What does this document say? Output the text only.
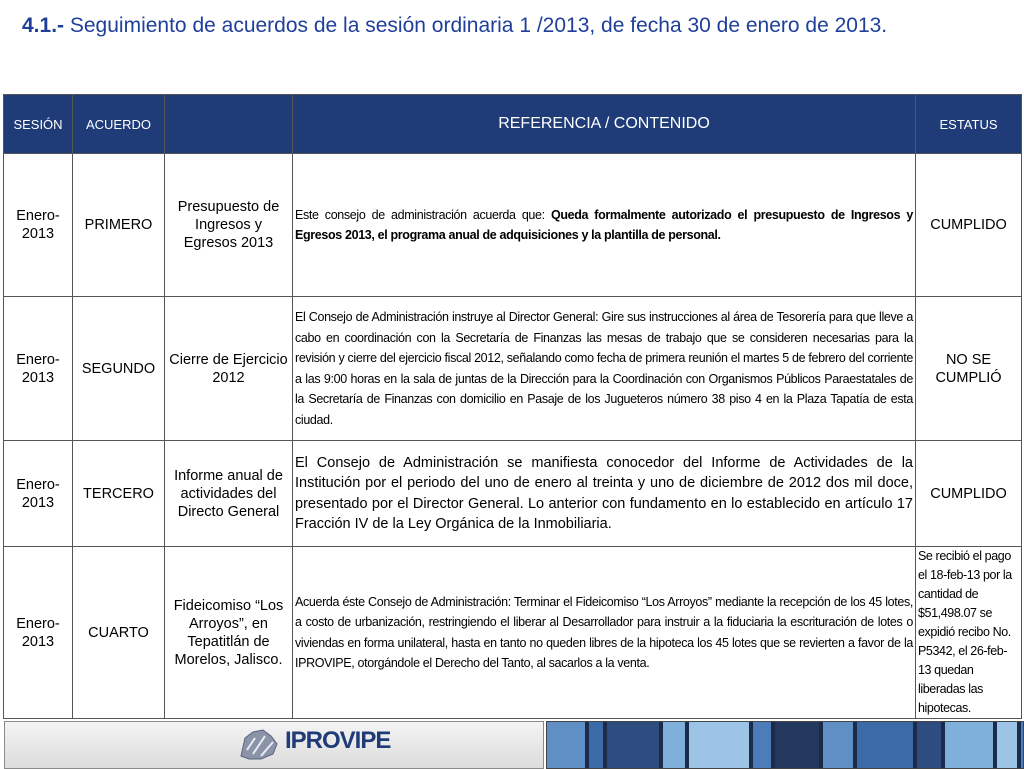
4.1.- Seguimiento de acuerdos de la sesión ordinaria 1 /2013, de fecha 30 de enero de 2013.
SESIÓN	ACUERDO		REFERENCIA / CONTENIDO	ESTATUS
Enero-2013	PRIMERO	Presupuesto de Ingresos y Egresos 2013	Este consejo de administración acuerda que: Queda formalmente autorizado el presupuesto de Ingresos y Egresos 2013, el programa anual de adquisiciones y la plantilla de personal.	CUMPLIDO
Enero-2013	SEGUNDO	Cierre de Ejercicio 2012	El Consejo de Administración instruye al Director General: Gire sus instrucciones al área de Tesorería para que lleve a cabo en coordinación con la Secretaría de Finanzas las mesas de trabajo que se consideren necesarias para la revisión y cierre del ejercicio fiscal 2012, señalando como fecha de primera reunión el martes 5 de febrero del corriente a las 9:00 horas en la sala de juntas de la Dirección para la Coordinación con Organismos Públicos Paraestatales de la Secretaría de Finanzas con domicilio en Pasaje de los Jugueteros número 38 piso 4 en la Plaza Tapatía de esta ciudad.	NO SE CUMPLIÓ
Enero-2013	TERCERO	Informe anual de actividades del Directo General	El Consejo de Administración se manifiesta conocedor del Informe de Actividades de la Institución por el periodo del uno de enero al treinta y uno de diciembre de 2012 dos mil doce, presentado por el Director General. Lo anterior con fundamento en lo establecido en artículo 17 Fracción IV de la Ley Orgánica de la Inmobiliaria.	CUMPLIDO
Enero-2013	CUARTO	Fideicomiso “Los Arroyos”, en Tepatitlán de Morelos, Jalisco.	Acuerda éste Consejo de Administración: Terminar el Fideicomiso “Los Arroyos” mediante la recepción de los 45 lotes, a costo de urbanización, restringiendo el liberar al Desarrollador para instruir a la fiduciaria la escrituración de lotes o viviendas en forma unilateral, hasta en tanto no queden libres de la hipoteca los 45 lotes que se revierten a favor de la IPROVIPE, otorgándole el Derecho del Tanto, al sacarlos a la venta.	Se recibió el pago el 18-feb-13 por la cantidad de $51,498.07 se expidió recibo No. P5342, el 26-feb-13 quedan liberadas las hipotecas.
IPROVIPE
